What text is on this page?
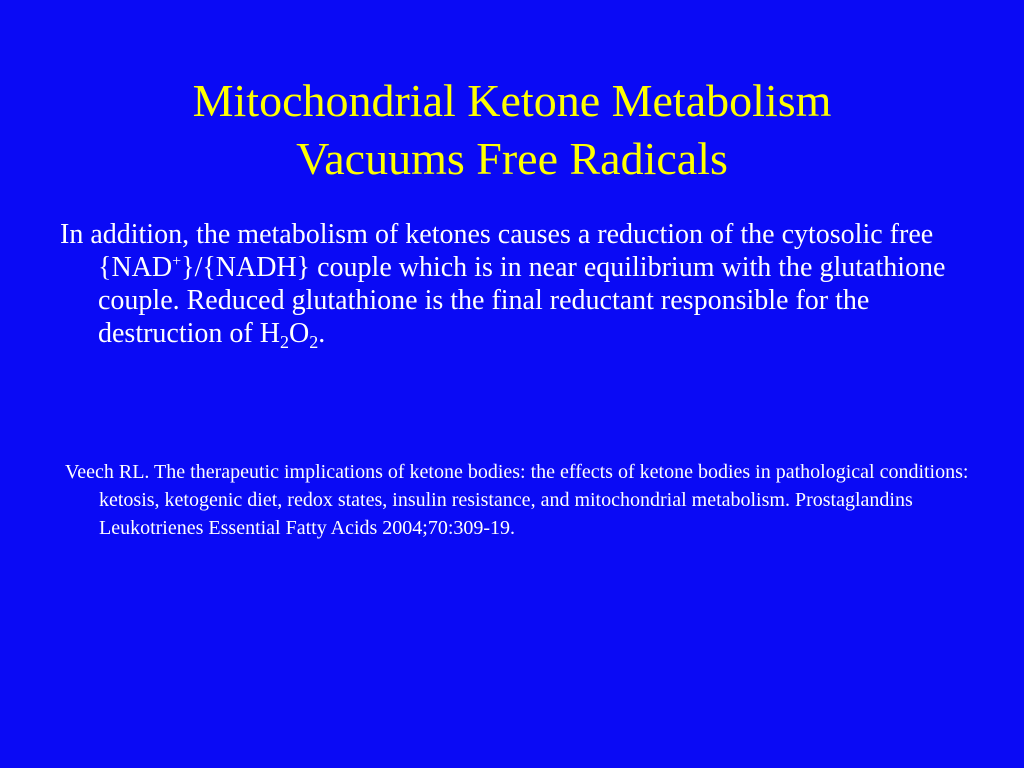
Mitochondrial Ketone Metabolism
Vacuums Free Radicals
In addition, the metabolism of ketones causes a reduction of the cytosolic free {NAD+}/{NADH} couple which is in near equilibrium with the glutathione couple. Reduced glutathione is the final reductant responsible for the destruction of $H_2O_2$.
Veech RL. The therapeutic implications of ketone bodies: the effects of ketone bodies in pathological conditions: ketosis, ketogenic diet, redox states, insulin resistance, and mitochondrial metabolism. Prostaglandins Leukotrienes Essential Fatty Acids 2004;70:309-19.
